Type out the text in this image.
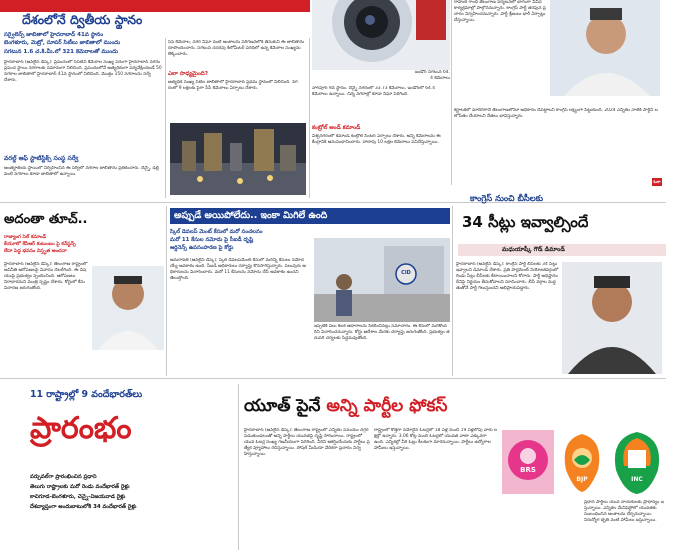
దేశంలోనే ద్వితీయ స్థానం
సర్వైలెన్స్ జాబితాలో హైదరాబాద్ 41వ స్థానం
బెంగళూరు, మెట్రో, సూపర్ సిటీలు జాబితాలో ముందు
సగటున 1.6 చ.కి.మీ.లో 321 కెమెరాలతో ముందు
హైదరాబాద్ (ఆన్‌లైన్ డెస్క్): ప్రపంచంలో సీసీటీవీ కెమెరాల సంఖ్య పరంగా హైదరాబాద్ నగరం ప్రపంచ స్థాయి నగరాలకు సమానంగా నిలిచింది. ప్రపంచంలోనే అత్యధికంగా పర్యవేక్షించబడే 50 నగరాల జాబితాలో హైదరాబాద్ 41వ స్థానంలో నిలిచింది. మొత్తం 150 నగరాలను సర్వే చేశారు.
వరల్డ్ ఆఫ్ స్టాటిస్టిక్స్ సంస్థ సర్వే
అంతర్జాతీయ స్థాయిలో నిర్వహించిన ఈ సర్వేలో నగరాల జాబితాను ప్రకటించారు. చెన్నై, ఢిల్లీ వంటి నగరాలు కూడా జాబితాలో ఉన్నాయి.
సీసీ కెమెరాల, నగర నిఘా వంటి అంశాలను పరిగణనలోకి తీసుకుని ఈ జాబితాను రూపొందించారు. సగటున చదరపు కిలోమీటర్ పరిధిలో ఉన్న కెమెరాల సంఖ్యను లెక్కించారు.
ఎలా సాధ్యమైంది?
అత్యధిక సంఖ్య సిటీల జాబితాలో హైదరాబాద్ ప్రథమ స్థానంలో నిలిచింది. నగరంలో 9 లక్షలకు పైగా సీసీ కెమెరాలు ఏర్పాటు చేశారు.
ఇండోర్ సగటున 64.4 కెమెరాలు
నాగ్‌పూర్ 9వ స్థానం. చెన్నై నగరంలో 33.73 కెమెరాలు, ఇండోర్‌లో 64.4 కెమెరాలు ఉన్నాయి. చిన్న నగరాల్లో కూడా నిఘా పెరిగింది.
కంట్రోల్ అండ్ కమాండ్
విశ్వనగరంలో కమాండ్ కంట్రోల్ సెంటర్ ఏర్పాటు చేశారు. అన్ని కెమెరాలను ఈ కేంద్రానికి అనుసంధానించారు. దాదాపు 10 లక్షల కెమెరాలు పనిచేస్తున్నాయి.
రాహుల్ గాంధీ తెలంగాణ పర్యటనలో భాగంగా వివిధ కార్యక్రమాల్లో పాల్గొననున్నారు. కాంగ్రెస్ పార్టీ తరఫున ప్రచారం నిర్వహించనున్నారు. పార్టీ శ్రేణులు భారీ ఏర్పాట్లు చేస్తున్నాయి.
కర్ణాటకలో మాదిరిగానే తెలంగాణలోనూ అధికారం చేపట్టాలని కాంగ్రెస్ లక్ష్యంగా పెట్టుకుంది. 2024 ఎన్నికల నాటికి పార్టీని బలోపేతం చేయాలని నేతలు భావిస్తున్నారు.
ఓలా
అదంతా తూచ్..
రాజ్యాంగ సెల్ కమాండ్
కేయూలో కేసీఆర్‌ కుటుంబం పై కన్‌స్టన్స్
లేదా పెద్ద భవనం విస్తృత అంచనా
హైదరాబాద్ (ఆన్‌లైన్ డెస్క్): తెలంగాణ రాష్ట్రంలో అవినీతి ఆరోపణలపై వివాదం చెలరేగింది. ఈ విషయంపై ప్రభుత్వం స్పందించింది. ఆరోపణలు నిరాధారమని మంత్రి స్పష్టం చేశారు. కోర్టులో కేసు విచారణ జరుగుతోంది.
అప్పుడే అయిపోలేదు.. ఇంకా మిగిలే ఉంది
స్కిల్ డెవలప్ మెంట్ కేసులో మరో సంచలనం
మరో 11 కేసుల నమోదు పై సీఐడీ దృష్టి
ఆర్డినెన్స్ ఉపసంహరణ పై కోర్టు
అమరావతి (ఆన్‌లైన్ డెస్క్): స్కిల్ డెవలప్‌మెంట్ కేసులో మరిన్ని కేసులు నమోదయ్యే అవకాశం ఉంది. సీఐడీ అధికారులు దర్యాప్తు కొనసాగిస్తున్నారు. పలువురు అధికారులను విచారించారు. మరో 11 కేసులను నమోదు చేసే అవకాశం ఉందని తెలుస్తోంది.
CID
ఇప్పటికే పలు కీలక ఆధారాలను సేకరించినట్లు సమాచారం. ఈ కేసులో మరికొందరిని విచారించనున్నారు. కోర్టు ఆదేశాల మేరకు దర్యాప్తు జరుగుతోంది. ప్రభుత్వం తదుపరి చర్యలకు సిద్ధమవుతోంది.
కాంగ్రెస్ నుంచి బీసీలకు
34 సీట్లు ఇవ్వాల్సిందే
మధుయాష్కీ గౌడ్ డిమాండ్
హైదరాబాద్ (ఆన్‌లైన్ డెస్క్): కాంగ్రెస్ పార్టీ బీసీలకు 34 సీట్లు ఇవ్వాలని డిమాండ్ చేశారు. ప్రతి పార్లమెంట్ నియోజకవర్గంలో రెండు సీట్లు బీసీలకు కేటాయించాలని కోరారు. పార్టీ అధిష్టానం దీనిపై నిర్ణయం తీసుకోవాలని సూచించారు. బీసీ వర్గాల మద్దతుతోనే పార్టీ గెలుస్తుందని అభిప్రాయపడ్డారు.
11 రాష్ట్రాల్లో 9 వందేభారత్‌లు
ప్రారంభం
వర్చువల్‌గా ప్రారంభించిన ప్రధాని
తెలుగు రాష్ట్రాలకు మరో రెండు వందేభారత్ రైళ్లు
కాచిగూడ-బెంగళూరు, చెన్నై-విజయవాడ రైళ్లు
దేశవ్యాప్తంగా అందుబాటులోకి 34 వందేభారత్ రైళ్లు
యూత్ పైనే అన్ని పార్టీల ఫోకస్
హైదరాబాద్ (ఆన్‌లైన్ డెస్క్): తెలంగాణ రాష్ట్రంలో ఎన్నికల సమయం దగ్గర పడుతుండటంతో అన్ని పార్టీలు యువతపై దృష్టి సారించాయి. రాష్ట్రంలో యువ ఓటర్ల సంఖ్య గణనీయంగా పెరిగింది. వీరిని ఆకర్షించేందుకు పార్టీలు ప్రత్యేక వ్యూహాలు రచిస్తున్నాయి. సోషల్ మీడియా వేదికగా ప్రచారం నిర్వహిస్తున్నాయి.
రాష్ట్రంలో కొత్తగా నమోదైన ఓటర్లలో 18 ఏళ్ల నుంచి 19 ఏళ్లలోపు వారు లక్షల్లో ఉన్నారు. 3.06 కోట్ల మంది ఓటర్లలో యువత వాటా ఎక్కువగా ఉంది. ఎన్నికల్లో వీరి ఓట్లు కీలకంగా మారనున్నాయి. పార్టీలు ఉద్యోగాల హామీలు ఇస్తున్నాయి.
ప్రధాన పార్టీలు యువ నాయకులకు ప్రాధాన్యం ఇస్తున్నాయి. ఎన్నికల మేనిఫెస్టోలో యువతకు సంబంధించిన అంశాలను చేర్చనున్నాయి. నిరుద్యోగ భృతి వంటి హామీలు ఇస్తున్నాయి.
BRS
BJP	INC
